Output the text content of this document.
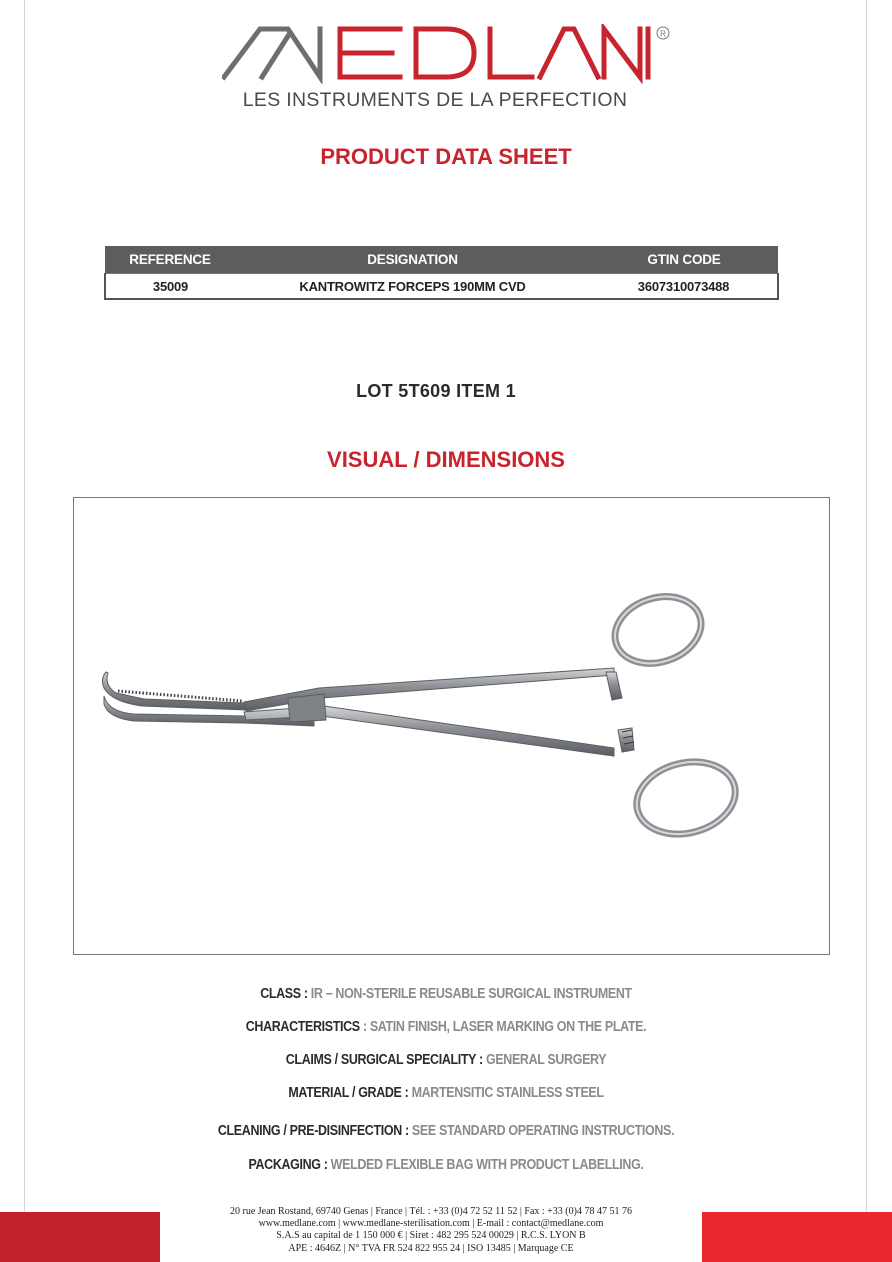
R
LES INSTRUMENTS DE LA PERFECTION
PRODUCT DATA SHEET
REFERENCE	DESIGNATION	GTIN CODE
35009	KANTROWITZ FORCEPS 190MM CVD	3607310073488
LOT 5T609 ITEM 1
VISUAL / DIMENSIONS
CLASS : IR – NON-STERILE REUSABLE SURGICAL INSTRUMENT
CHARACTERISTICS : SATIN FINISH, LASER MARKING ON THE PLATE.
CLAIMS / SURGICAL SPECIALITY : GENERAL SURGERY
MATERIAL / GRADE : MARTENSITIC STAINLESS STEEL
CLEANING / PRE-DISINFECTION : SEE STANDARD OPERATING INSTRUCTIONS.
PACKAGING : WELDED FLEXIBLE BAG WITH PRODUCT LABELLING.
20 rue Jean Rostand, 69740 Genas | France | Tél. : +33 (0)4 72 52 11 52 | Fax : +33 (0)4 78 47 51 76
www.medlane.com | www.medlane-sterilisation.com | E-mail : contact@medlane.com
S.A.S au capital de 1 150 000 € | Siret : 482 295 524 00029 | R.C.S. LYON B
APE : 4646Z | N° TVA FR 524 822 955 24 | ISO 13485 | Marquage CE
